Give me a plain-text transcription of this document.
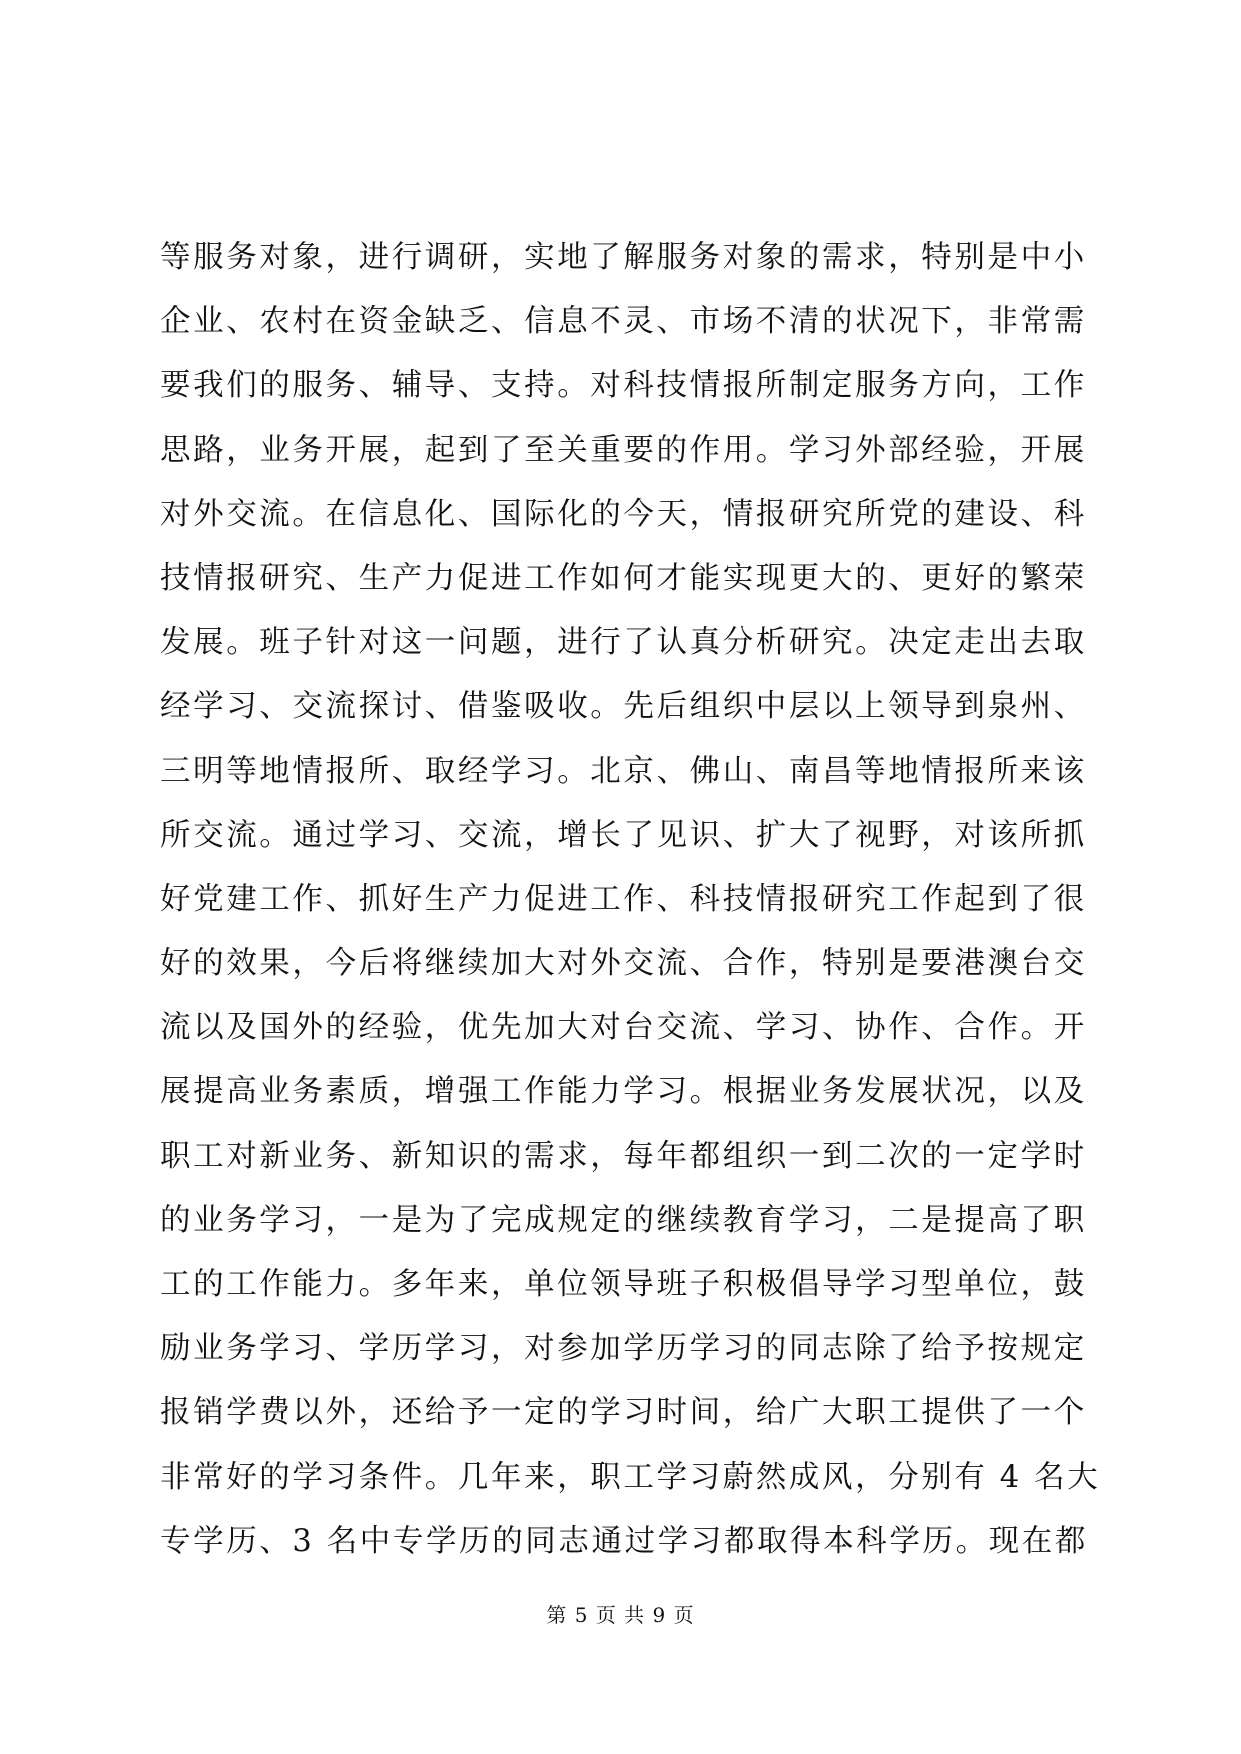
等服务对象，进行调研，实地了解服务对象的需求，特别是中小
企业、农村在资金缺乏、信息不灵、市场不清的状况下，非常需
要我们的服务、辅导、支持。对科技情报所制定服务方向，工作
思路，业务开展，起到了至关重要的作用。学习外部经验，开展
对外交流。在信息化、国际化的今天，情报研究所党的建设、科
技情报研究、生产力促进工作如何才能实现更大的、更好的繁荣
发展。班子针对这一问题，进行了认真分析研究。决定走出去取
经学习、交流探讨、借鉴吸收。先后组织中层以上领导到泉州、
三明等地情报所、取经学习。北京、佛山、南昌等地情报所来该
所交流。通过学习、交流，增长了见识、扩大了视野，对该所抓
好党建工作、抓好生产力促进工作、科技情报研究工作起到了很
好的效果，今后将继续加大对外交流、合作，特别是要港澳台交
流以及国外的经验，优先加大对台交流、学习、协作、合作。开
展提高业务素质，增强工作能力学习。根据业务发展状况，以及
职工对新业务、新知识的需求，每年都组织一到二次的一定学时
的业务学习，一是为了完成规定的继续教育学习，二是提高了职
工的工作能力。多年来，单位领导班子积极倡导学习型单位，鼓
励业务学习、学历学习，对参加学历学习的同志除了给予按规定
报销学费以外，还给予一定的学习时间，给广大职工提供了一个
非常好的学习条件。几年来，职工学习蔚然成风，分别有 4 名大
专学历、3 名中专学历的同志通过学习都取得本科学历。现在都
第 5 页 共 9 页
